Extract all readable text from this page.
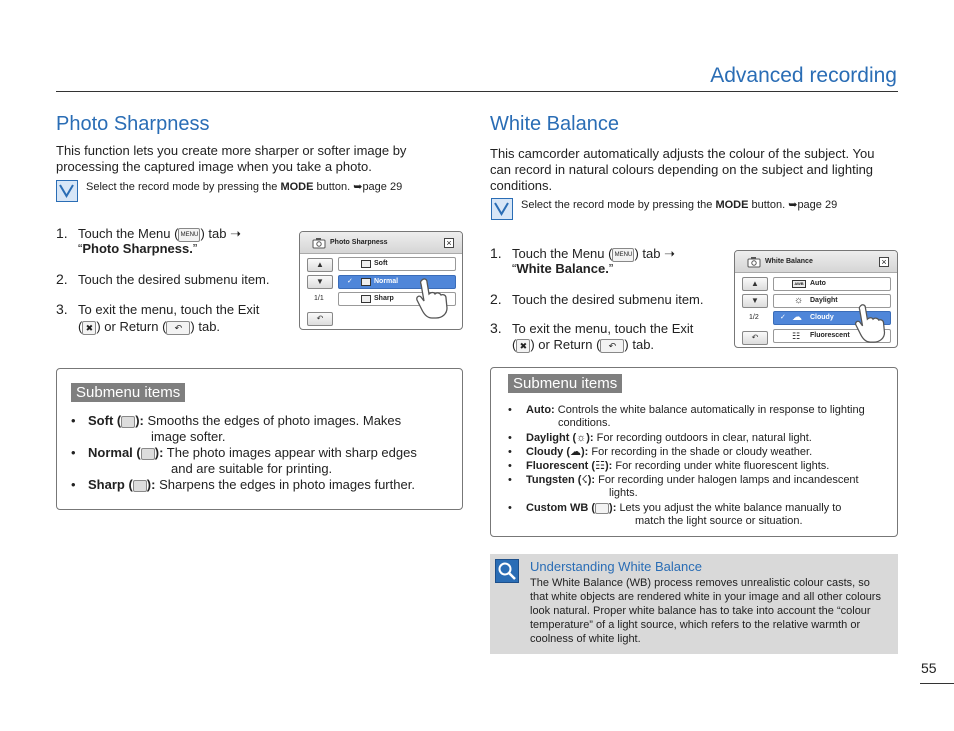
Advanced recording
Photo Sharpness
This function lets you create more sharper or softer image by
processing the captured image when you take a photo.
Select the record mode by pressing the MODE button. ➥page 29
1. Touch the Menu ( MENU ) tab ➝
“Photo Sharpness.”
2. Touch the desired submenu item.
3. To exit the menu, touch the Exit
( ✖ ) or Return ( ↶ ) tab.
Photo Sharpness	×
▲
▼
1/1
↶
Soft
✓	Normal
Sharp
Submenu items
• Soft ( ): Smooths the edges of photo images. Makes
image softer.
• Normal ( ): The photo images appear with sharp edges
and are suitable for printing.
• Sharp ( ): Sharpens the edges in photo images further.
White Balance
This camcorder automatically adjusts the colour of the subject. You
can record in natural colours depending on the subject and lighting
conditions.
Select the record mode by pressing the MODE button. ➥page 29
1. Touch the Menu ( MENU ) tab ➝
“White Balance.”
2. Touch the desired submenu item.
3. To exit the menu, touch the Exit
( ✖ ) or Return ( ↶ ) tab.
White Balance	×
▲
▼
1/2
↶
AWB Auto
☼ Daylight
✓ ☁ Cloudy
☷ Fluorescent
Submenu items
• Auto: Controls the white balance automatically in response to lighting
conditions.
• Daylight (☼): For recording outdoors in clear, natural light.
• Cloudy (☁): For recording in the shade or cloudy weather.
• Fluorescent (☷): For recording under white fluorescent lights.
• Tungsten (☇): For recording under halogen lamps and incandescent
lights.
• Custom WB ( ): Lets you adjust the white balance manually to
match the light source or situation.
Understanding White Balance
The White Balance (WB) process removes unrealistic colour casts, so that white objects are rendered white in your image and all other colours look natural. Proper white balance has to take into account the “colour temperature” of a light source, which refers to the relative warmth or coolness of white light.
55
